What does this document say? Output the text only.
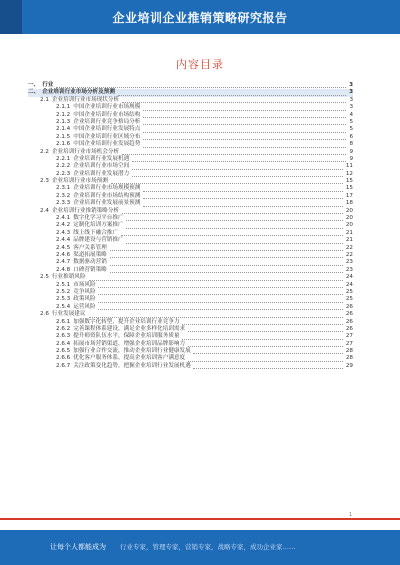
企业培训企业推销策略研究报告
内容目录
一、 行业	3
二、 企业培训行业市场分析及预测	3
2.1 企业培训行业市场现状分析	3
2.1.1 中国企业培训行业市场规模	3
2.1.2 中国企业培训行业市场结构	4
2.1.3 企业培训行业竞争格局分析	5
2.1.4 中国企业培训行业发展特点	5
2.1.5 中国企业培训行业区域分布	6
2.1.6 中国企业培训行业发展趋势	8
2.2 企业培训行业市场机会分析	9
2.2.1 企业培训行业发展机遇	9
2.2.2 企业培训行业市场空间	11
2.2.3 企业培训行业发展潜力	12
2.3 企业培训行业市场预测	15
2.3.1 企业培训行业市场规模预测	15
2.3.2 企业培训行业市场结构预测	17
2.3.3 企业培训行业发展前景预测	18
2.4 企业培训行业推销策略分析	20
2.4.1 数字化学习平台推广	20
2.4.2 定制化培训方案推广	20
2.4.3 线上线下融合推广	21
2.4.4 品牌建设与营销推广	21
2.4.5 客户关系管理	22
2.4.6 渠道拓展策略	22
2.4.7 数据驱动营销	23
2.4.8 口碑营销策略	23
2.5 行业推销风险	24
2.5.1 市场风险	24
2.5.2 竞争风险	25
2.5.3 政策风险	25
2.5.4 运营风险	26
2.6 行业发展建议	26
2.6.1 加强数字化转型，提升企业培训行业竞争力	26
2.6.2 完善课程体系建设，满足企业多样化培训需求	26
2.6.3 提升师资队伍水平，保障企业培训服务质量	27
2.6.4 拓展市场营销渠道，增强企业培训品牌影响力	27
2.6.5 加强行业合作交流，推动企业培训行业健康发展	28
2.6.6 优化客户服务体系，提高企业培训客户满意度	28
2.6.7 关注政策变化趋势，把握企业培训行业发展机遇	29
1
让每个人都能成为 行业专家，管理专家，营销专家，战略专家，成功企业家……
